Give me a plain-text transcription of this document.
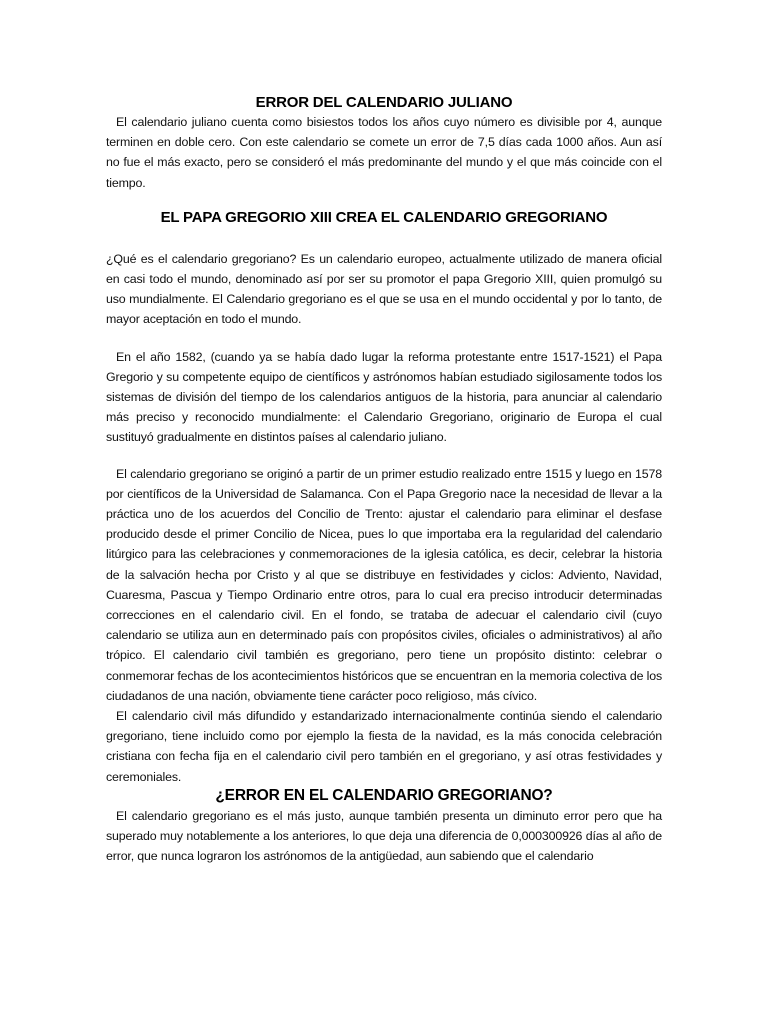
ERROR DEL CALENDARIO JULIANO

El calendario juliano cuenta como bisiestos todos los años cuyo número es divisible por 4, aunque terminen en doble cero. Con este calendario se comete un error de 7,5 días cada 1000 años. Aun así no fue el más exacto, pero se consideró el más predominante del mundo y el que más coincide con el tiempo.

EL PAPA GREGORIO XIII CREA EL CALENDARIO GREGORIANO

¿Qué es el calendario gregoriano? Es un calendario europeo, actualmente utilizado de manera oficial en casi todo el mundo, denominado así por ser su promotor el papa Gregorio XIII, quien promulgó su uso mundialmente. El Calendario gregoriano es el que se usa en el mundo occidental y por lo tanto, de mayor aceptación en todo el mundo.

En el año 1582, (cuando ya se había dado lugar la reforma protestante entre 1517-1521) el Papa Gregorio y su competente equipo de científicos y astrónomos habían estudiado sigilosamente todos los sistemas de división del tiempo de los calendarios antiguos de la historia, para anunciar al calendario más preciso y reconocido mundialmente: el Calendario Gregoriano, originario de Europa el cual sustituyó gradualmente en distintos países al calendario juliano.

El calendario gregoriano se originó a partir de un primer estudio realizado entre 1515 y luego en 1578 por científicos de la Universidad de Salamanca. Con el Papa Gregorio nace la necesidad de llevar a la práctica uno de los acuerdos del Concilio de Trento: ajustar el calendario para eliminar el desfase producido desde el primer Concilio de Nicea, pues lo que importaba era la regularidad del calendario litúrgico para las celebraciones y conmemoraciones de la iglesia católica, es decir, celebrar la historia de la salvación hecha por Cristo y al que se distribuye en festividades y ciclos: Adviento, Navidad, Cuaresma, Pascua y Tiempo Ordinario entre otros, para lo cual era preciso introducir determinadas correcciones en el calendario civil. En el fondo, se trataba de adecuar el calendario civil (cuyo calendario se utiliza aun en determinado país con propósitos civiles, oficiales o administrativos) al año trópico. El calendario civil también es gregoriano, pero tiene un propósito distinto: celebrar o conmemorar fechas de los acontecimientos históricos que se encuentran en la memoria colectiva de los ciudadanos de una nación, obviamente tiene carácter poco religioso, más cívico.

El calendario civil más difundido y estandarizado internacionalmente continúa siendo el calendario gregoriano, tiene incluido como por ejemplo la fiesta de la navidad, es la más conocida celebración cristiana con fecha fija en el calendario civil pero también en el gregoriano, y así otras festividades y ceremoniales.

¿ERROR EN EL CALENDARIO GREGORIANO?

El calendario gregoriano es el más justo, aunque también presenta un diminuto error pero que ha superado muy notablemente a los anteriores, lo que deja una diferencia de 0,000300926 días al año de error, que nunca lograron los astrónomos de la antigüedad, aun sabiendo que el calendario
